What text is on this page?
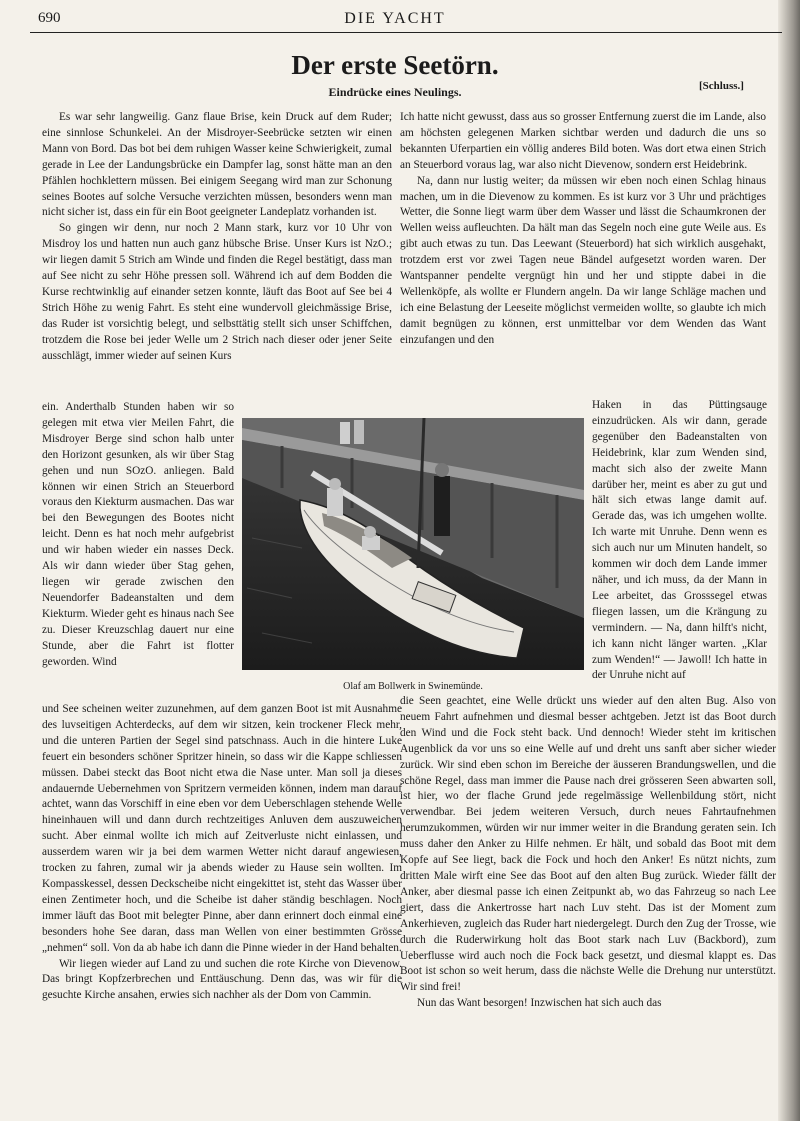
690	DIE YACHT
Der erste Seetörn.
Eindrücke eines Neulings.	[Schluss.]

Es war sehr langweilig. Ganz flaue Brise, kein Druck auf dem Ruder; eine sinnlose Schunkelei. An der Misdroyer-Seebrücke setzten wir einen Mann von Bord. Das bot bei dem ruhigen Wasser keine Schwierigkeit, zumal gerade in Lee der Landungsbrücke ein Dampfer lag, sonst hätte man an den Pfählen hochklettern müssen. Bei einigem Seegang wird man zur Schonung seines Bootes auf solche Versuche verzichten müssen, besonders wenn man nicht sicher ist, dass ein für ein Boot geeigneter Landeplatz vorhanden ist.

So gingen wir denn, nur noch 2 Mann stark, kurz vor 10 Uhr von Misdroy los und hatten nun auch ganz hübsche Brise. Unser Kurs ist NzO.; wir liegen damit 5 Strich am Winde und finden die Regel bestätigt, dass man auf See nicht zu sehr Höhe pressen soll. Während ich auf dem Bodden die Kurse rechtwinklig auf einander setzen konnte, läuft das Boot auf See bei 4 Strich Höhe zu wenig Fahrt. Es steht eine wundervoll gleichmässige Brise, das Ruder ist vorsichtig belegt, und selbsttätig stellt sich unser Schiffchen, trotzdem die Rose bei jeder Welle um 2 Strich nach dieser oder jener Seite ausschlägt, immer wieder auf seinen Kurs

Ich hatte nicht gewusst, dass aus so grosser Entfernung zuerst die im Lande, also am höchsten gelegenen Marken sichtbar werden und dadurch die uns so bekannten Uferpartien ein völlig anderes Bild boten. Was dort etwa einen Strich an Steuerbord voraus lag, war also nicht Dievenow, sondern erst Heidebrink.

Na, dann nur lustig weiter; da müssen wir eben noch einen Schlag hinaus machen, um in die Dievenow zu kommen. Es ist kurz vor 3 Uhr und prächtiges Wetter, die Sonne liegt warm über dem Wasser und lässt die Schaumkronen der Wellen weiss aufleuchten. Da hält man das Segeln noch eine gute Weile aus. Es gibt auch etwas zu tun. Das Leewant (Steuerbord) hat sich wirklich ausgehakt, trotzdem erst vor zwei Tagen neue Bändel aufgesetzt worden waren. Der Wantspanner pendelte vergnügt hin und her und stippte dabei in die Wellenköpfe, als wollte er Flundern angeln. Da wir lange Schläge machen und ich eine Belastung der Leeseite möglichst vermeiden wollte, so glaubte ich mich damit begnügen zu können, erst unmittelbar vor dem Wenden das Want einzufangen und den

ein. Anderthalb Stunden haben wir so gelegen mit etwa vier Meilen Fahrt, die Misdroyer Berge sind schon halb unter den Horizont gesunken, als wir über Stag gehen und nun SOzO. anliegen. Bald können wir einen Strich an Steuerbord voraus den Kiekturm ausmachen. Das war bei den Bewegungen des Bootes nicht leicht. Denn es hat noch mehr aufgebrist und wir haben wieder ein nasses Deck. Als wir dann wieder über Stag gehen, liegen wir gerade zwischen den Neuendorfer Badeanstalten und dem Kiekturm. Wieder geht es hinaus nach See zu. Dieser Kreuzschlag dauert nur eine Stunde, aber die Fahrt ist flotter geworden. Wind

Olaf am Bollwerk in Swinemünde.

Haken in das Püttingsauge einzudrücken. Als wir dann, gerade gegenüber den Badeanstalten von Heidebrink, klar zum Wenden sind, macht sich also der zweite Mann darüber her, meint es aber zu gut und hält sich etwas lange damit auf. Gerade das, was ich umgehen wollte. Ich warte mit Unruhe. Denn wenn es sich auch nur um Minuten handelt, so kommen wir doch dem Lande immer näher, und ich muss, da der Mann in Lee arbeitet, das Grosssegel etwas fliegen lassen, um die Krängung zu vermindern. — Na, dann hilft's nicht, ich kann nicht länger warten. „Klar zum Wenden!“ — Jawoll! Ich hatte in der Unruhe nicht auf

und See scheinen weiter zuzunehmen, auf dem ganzen Boot ist mit Ausnahme des luvseitigen Achterdecks, auf dem wir sitzen, kein trockener Fleck mehr, und die unteren Partien der Segel sind patschnass. Auch in die hintere Luke feuert ein besonders schöner Spritzer hinein, so dass wir die Kappe schliessen müssen. Dabei steckt das Boot nicht etwa die Nase unter. Man soll ja dieses andauernde Uebernehmen von Spritzern vermeiden können, indem man darauf achtet, wann das Vorschiff in eine eben vor dem Ueberschlagen stehende Welle hineinhauen will und dann durch rechtzeitiges Anluven dem auszuweichen sucht. Aber einmal wollte ich mich auf Zeitverluste nicht einlassen, und ausserdem waren wir ja bei dem warmen Wetter nicht darauf angewiesen, trocken zu fahren, zumal wir ja abends wieder zu Hause sein wollten. Im Kompasskessel, dessen Deckscheibe nicht eingekittet ist, steht das Wasser über einen Zentimeter hoch, und die Scheibe ist daher ständig beschlagen. Noch immer läuft das Boot mit belegter Pinne, aber dann erinnert doch einmal eine besonders hohe See daran, dass man Wellen von einer bestimmten Grösse „nehmen“ soll. Von da ab habe ich dann die Pinne wieder in der Hand behalten.

Wir liegen wieder auf Land zu und suchen die rote Kirche von Dievenow. Das bringt Kopfzerbrechen und Enttäuschung. Denn das, was wir für die gesuchte Kirche ansahen, erwies sich nachher als der Dom von Cammin.

die Seen geachtet, eine Welle drückt uns wieder auf den alten Bug. Also von neuem Fahrt aufnehmen und diesmal besser achtgeben. Jetzt ist das Boot durch den Wind und die Fock steht back. Und dennoch! Wieder steht im kritischen Augenblick da vor uns so eine Welle auf und dreht uns sanft aber sicher wieder zurück. Wir sind eben schon im Bereiche der äusseren Brandungswellen, und die schöne Regel, dass man immer die Pause nach drei grösseren Seen abwarten soll, ist hier, wo der flache Grund jede regelmässige Wellenbildung stört, nicht verwendbar. Bei jedem weiteren Versuch, durch neues Fahrtaufnehmen herumzukommen, würden wir nur immer weiter in die Brandung geraten sein. Ich muss daher den Anker zu Hilfe nehmen. Er hält, und sobald das Boot mit dem Kopfe auf See liegt, back die Fock und hoch den Anker! Es nützt nichts, zum dritten Male wirft eine See das Boot auf den alten Bug zurück. Wieder fällt der Anker, aber diesmal passe ich einen Zeitpunkt ab, wo das Fahrzeug so nach Lee giert, dass die Ankertrosse hart nach Luv steht. Das ist der Moment zum Ankerhieven, zugleich das Ruder hart niedergelegt. Durch den Zug der Trosse, wie durch die Ruderwirkung holt das Boot stark nach Luv (Backbord), zum Ueberflusse wird auch noch die Fock back gesetzt, und diesmal klappt es. Das Boot ist schon so weit herum, dass die nächste Welle die Drehung nur unterstützt. Wir sind frei!

Nun das Want besorgen! Inzwischen hat sich auch das
